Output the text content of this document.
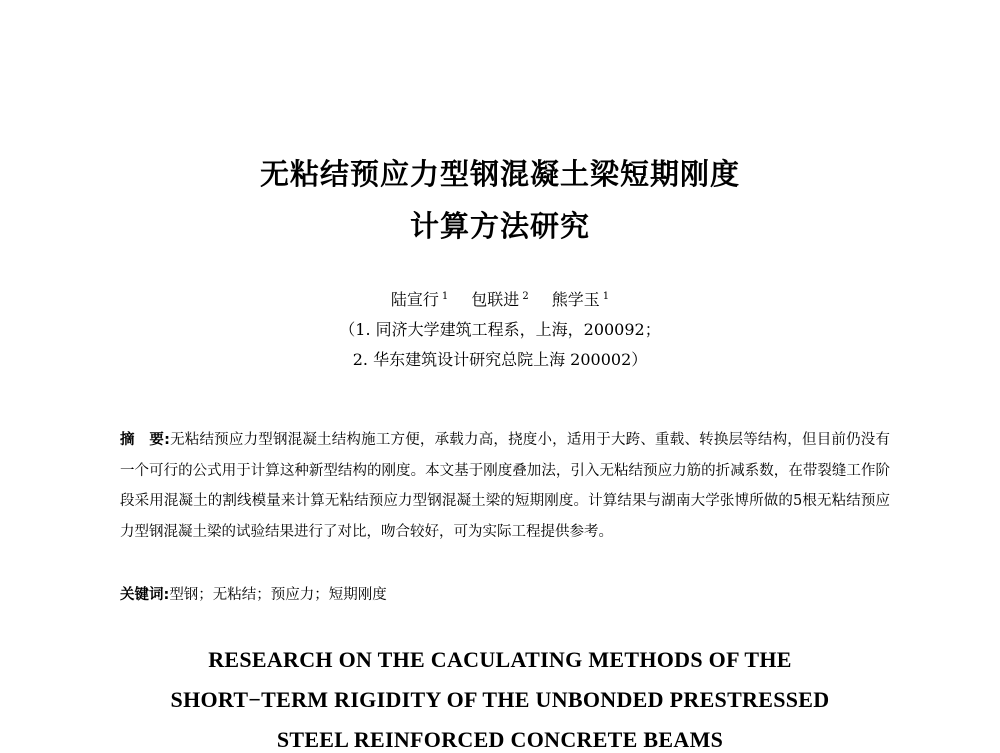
无粘结预应力型钢混凝土梁短期刚度
计算方法研究
陆宣行 $^1$ 包联进 $^2$ 熊学玉 $^1$
（1. 同济大学建筑工程系，上海，200092；
2. 华东建筑设计研究总院上海 200002）
摘　要:无粘结预应力型钢混凝土结构施工方便，承载力高，挠度小，适用于大跨、重载、转换层等结构，但目前仍没有一个可行的公式用于计算这种新型结构的刚度。本文基于刚度叠加法，引入无粘结预应力筋的折减系数，在带裂缝工作阶段采用混凝土的割线模量来计算无粘结预应力型钢混凝土梁的短期刚度。计算结果与湖南大学张博所做的5根无粘结预应力型钢混凝土梁的试验结果进行了对比，吻合较好，可为实际工程提供参考。
关键词:型钢；无粘结；预应力；短期刚度
RESEARCH ON THE CACULATING METHODS OF THE
SHORT−TERM RIGIDITY OF THE UNBONDED PRESTRESSED
STEEL REINFORCED CONCRETE BEAMS
